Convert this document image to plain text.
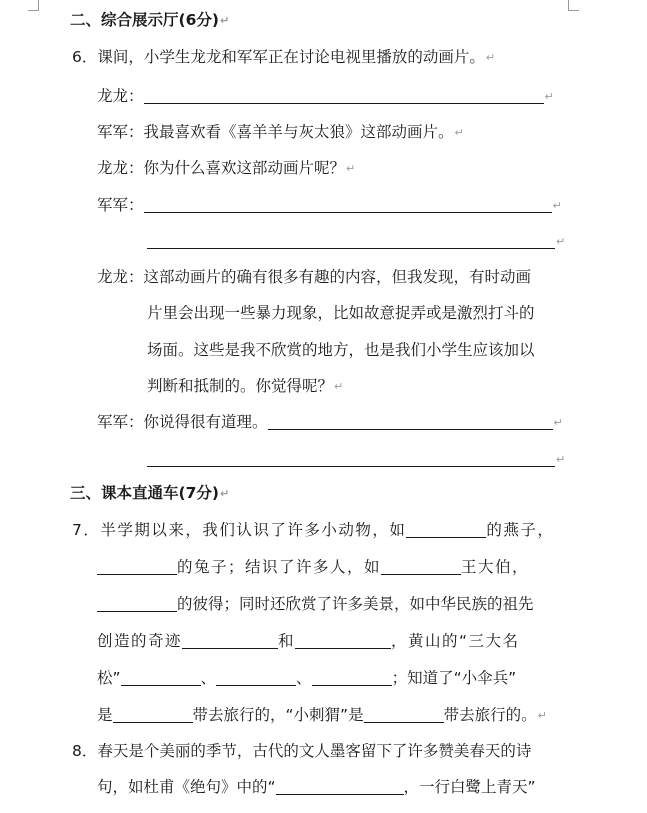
二、综合展示厅(6分)↵
6．课间，小学生龙龙和军军正在讨论电视里播放的动画片。↵
龙龙：	↵
军军：我最喜欢看《喜羊羊与灰太狼》这部动画片。↵
龙龙：你为什么喜欢这部动画片呢？↵
军军：	↵
↵
龙龙：这部动画片的确有很多有趣的内容，但我发现，有时动画
片里会出现一些暴力现象，比如故意捉弄或是激烈打斗的
场面。这些是我不欣赏的地方，也是我们小学生应该加以
判断和抵制的。你觉得呢？↵
军军：你说得很有道理。	↵
↵
三、课本直通车(7分)↵
7．半学期以来，我们认识了许多小动物，如	的燕子，
的兔子；结识了许多人，如	王大伯，
的彼得；同时还欣赏了许多美景，如中华民族的祖先
创造的奇迹	和	，黄山的“三大名
松”	、	、	；知道了“小伞兵”
是	带去旅行的，“小刺猬”是	带去旅行的。↵
8．春天是个美丽的季节，古代的文人墨客留下了许多赞美春天的诗
句，如杜甫《绝句》中的“	，一行白鹭上青天”
